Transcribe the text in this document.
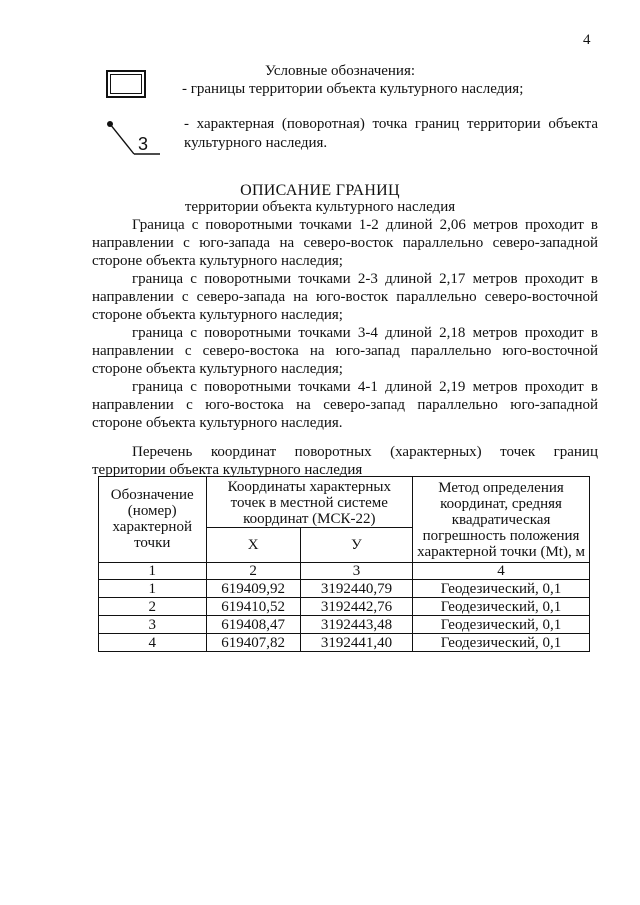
4
Условные обозначения:
- границы территории объекта культурного наследия;
3
- характерная (поворотная) точка границ территории объекта культурного наследия.
ОПИСАНИЕ ГРАНИЦ
территории объекта культурного наследия

Граница с поворотными точками 1-2 длиной 2,06 метров проходит в направлении с юго-запада на северо-восток параллельно северо-западной стороне объекта культурного наследия;

граница с поворотными точками 2-3 длиной 2,17 метров проходит в направлении с северо-запада на юго-восток параллельно северо-восточной стороне объекта культурного наследия;

граница с поворотными точками 3-4 длиной 2,18 метров проходит в направлении с северо-востока на юго-запад параллельно юго-восточной стороне объекта культурного наследия;

граница с поворотными точками 4-1 длиной 2,19 метров проходит в направлении с юго-востока на северо-запад параллельно юго-западной стороне объекта культурного наследия.

Перечень координат поворотных (характерных) точек границ территории объекта культурного наследия
Обозначение (номер) характерной точки	Координаты характерных точек в местной системе координат (МСК-22)		Метод определения координат, средняя квадратическая погрешность положения характерной точки (Mt), м
	X	У	
1	2	3	4
1	619409,92	3192440,79	Геодезический, 0,1
2	619410,52	3192442,76	Геодезический, 0,1
3	619408,47	3192443,48	Геодезический, 0,1
4	619407,82	3192441,40	Геодезический, 0,1
